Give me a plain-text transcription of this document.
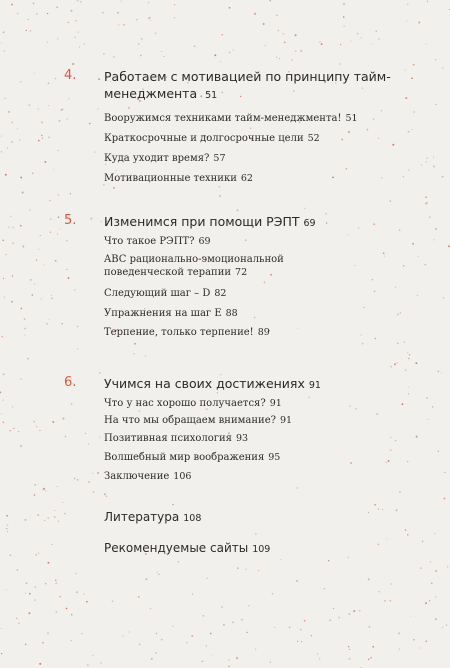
4. Работаем с мотивацией по принципу тайм-менеджмента 51
Вооружимся техниками тайм-менеджмента! 51
Краткосрочные и долгосрочные цели 52
Куда уходит время? 57
Мотивационные техники 62
5. Изменимся при помощи РЭПТ 69
Что такое РЭПТ? 69
ABC рационально-эмоциональной поведенческой терапии 72
Следующий шаг – D 82
Упражнения на шаг E 88
Терпение, только терпение! 89
6. Учимся на своих достижениях 91
Что у нас хорошо получается? 91
На что мы обращаем внимание? 91
Позитивная психология 93
Волшебный мир воображения 95
Заключение 106
Литература 108
Рекомендуемые сайты 109
